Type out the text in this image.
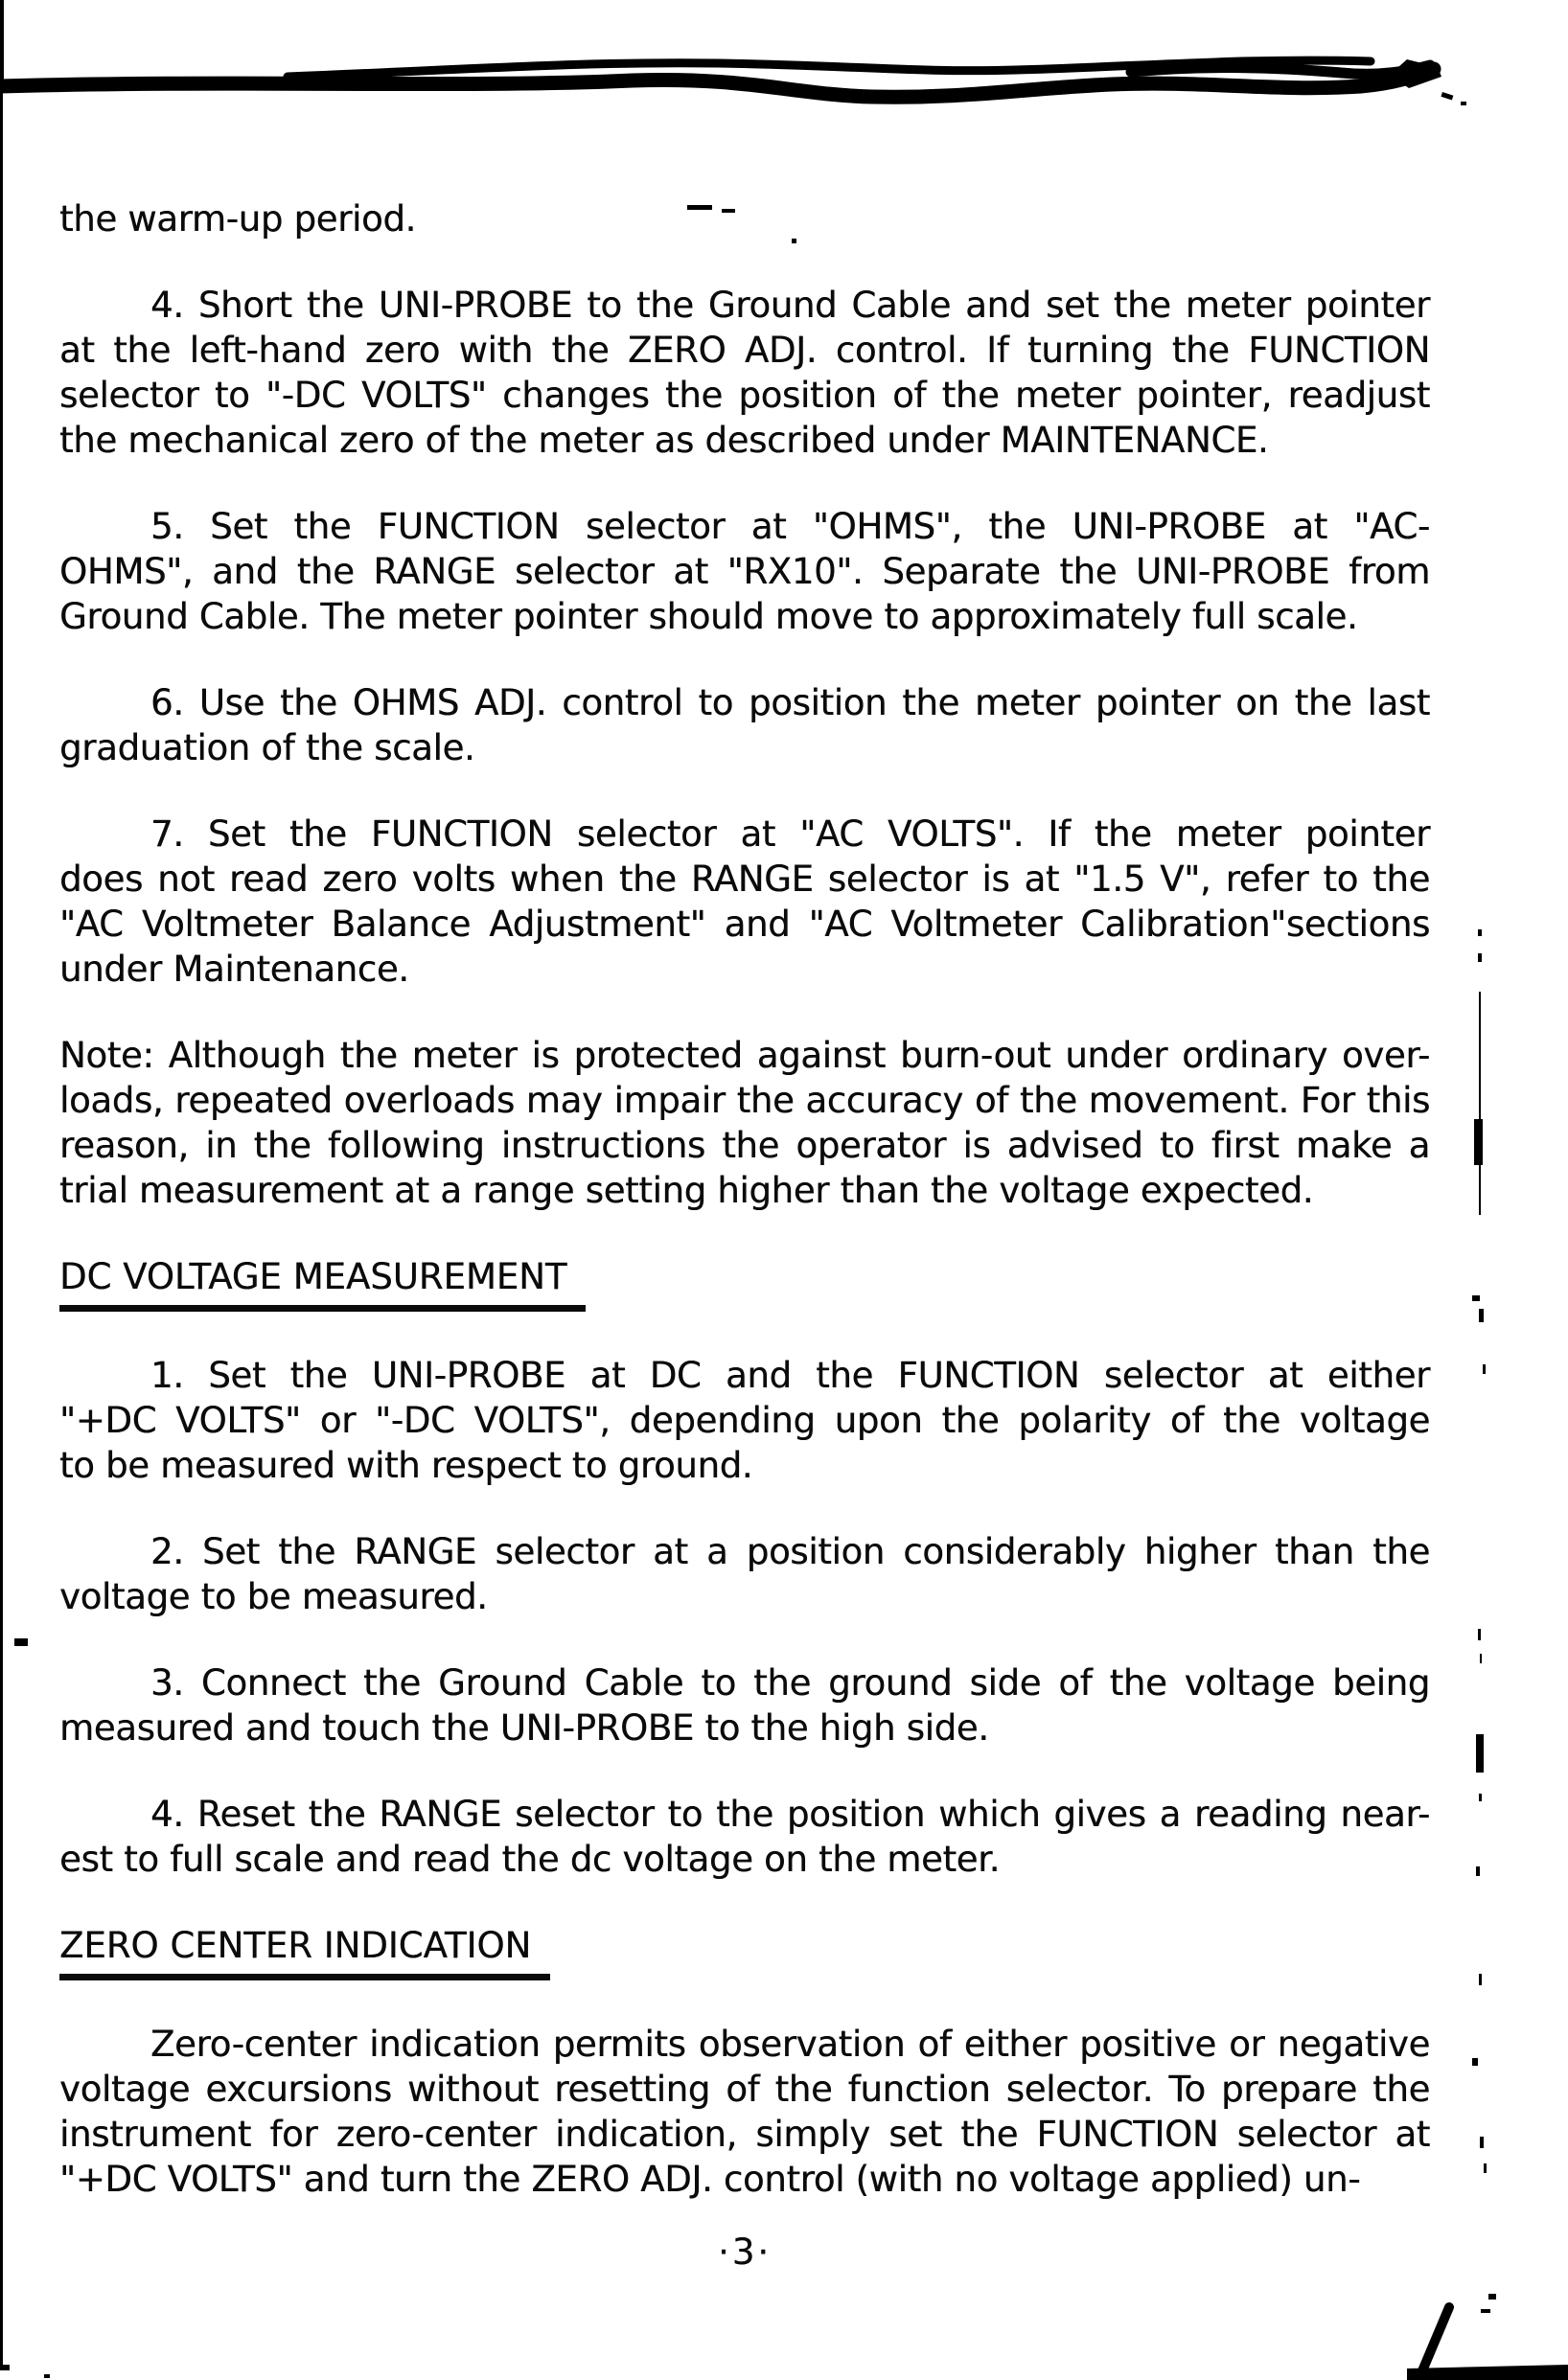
the warm-up period.
4. Short the UNI-PROBE to the Ground Cable and set the meter pointer
at the left-hand zero with the ZERO ADJ. control. If turning the FUNCTION
selector to "-DC VOLTS" changes the position of the meter pointer, readjust
the mechanical zero of the meter as described under MAINTENANCE.
5. Set the FUNCTION selector at "OHMS", the UNI-PROBE at "AC-
OHMS", and the RANGE selector at "RX10". Separate the UNI-PROBE from
Ground Cable. The meter pointer should move to approximately full scale.
6. Use the OHMS ADJ. control to position the meter pointer on the last
graduation of the scale.
7. Set the FUNCTION selector at "AC VOLTS". If the meter pointer
does not read zero volts when the RANGE selector is at "1.5 V", refer to the
"AC Voltmeter Balance Adjustment" and "AC Voltmeter Calibration"sections
under Maintenance.
Note: Although the meter is protected against burn-out under ordinary over-
loads, repeated overloads may impair the accuracy of the movement. For this
reason, in the following instructions the operator is advised to first make a
trial measurement at a range setting higher than the voltage expected.
DC VOLTAGE MEASUREMENT
1. Set the UNI-PROBE at DC and the FUNCTION selector at either
"+DC VOLTS" or "-DC VOLTS", depending upon the polarity of the voltage
to be measured with respect to ground.
2. Set the RANGE selector at a position considerably higher than the
voltage to be measured.
3. Connect the Ground Cable to the ground side of the voltage being
measured and touch the UNI-PROBE to the high side.
4. Reset the RANGE selector to the position which gives a reading near-
est to full scale and read the dc voltage on the meter.
ZERO CENTER INDICATION
Zero-center indication permits observation of either positive or negative
voltage excursions without resetting of the function selector. To prepare the
instrument for zero-center indication, simply set the FUNCTION selector at
"+DC VOLTS" and turn the ZERO ADJ. control (with no voltage applied) un-
·3·
